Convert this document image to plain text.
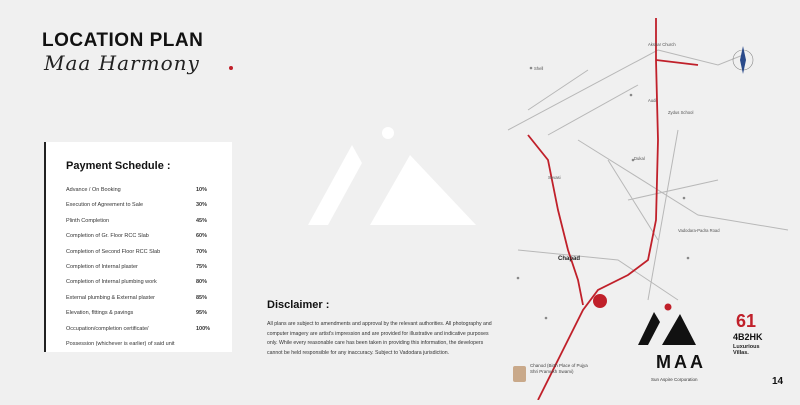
LOCATION PLAN
Maa Harmony
Payment Schedule :
Advance / On Booking	10%
Execution of Agreement to Sale	30%
Plinth Completion	45%
Completion of Gr. Floor RCC Slab	60%
Completion of Second Floor RCC Slab	70%
Completion of Internal plaster	75%
Completion of Internal plumbing work	80%
External plumbing & External plaster	85%
Elevation, flttings & pavings	95%
Occupation/completion certificate/	100%
Possession (whichever is earlier) of said unit
Disclaimer :
All plans are subject to amendments and approval by the relevant authorities. All photography and computer imagery are artist's impression and are provided for illustrative and indicative purposes only. While every reasonable care has been taken in providing this information, the developers cannot be held responsible for any inaccuracy. Subject to Vadodara jurisdiction.
Akshar Church
Chapad
Audi
Shell
Sevasi
Zydus School
Dukal
Vadodara-Padra Road
Chanod (Birth Place of Pujya Shri Pramukh Swami)	MAA
Sun Aspire Corporation
61
4B2HK
Luxurious Villas.
14
